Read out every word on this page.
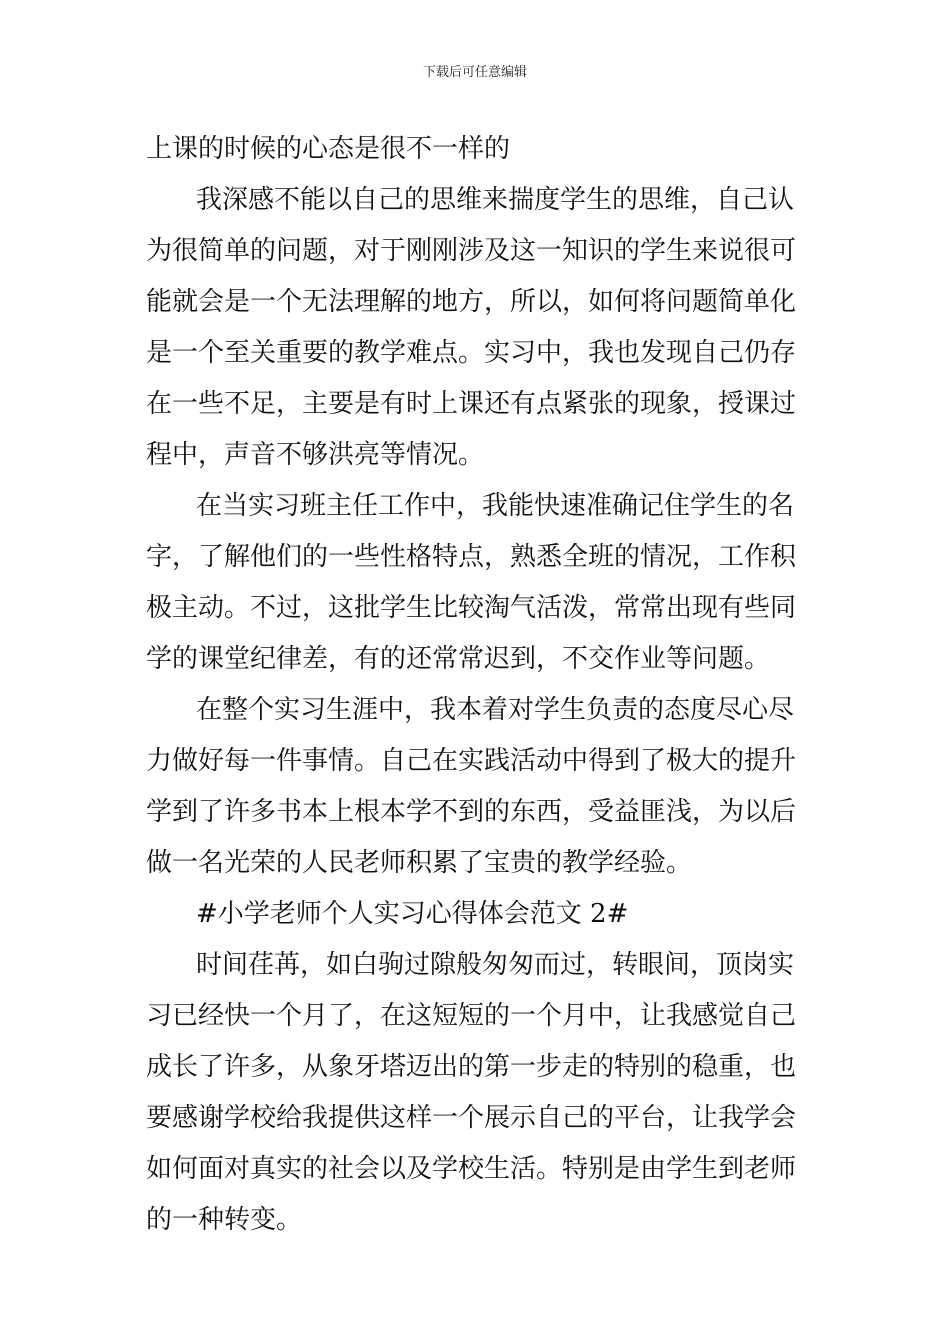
下载后可任意编辑
上课的时候的心态是很不一样的
我深感不能以自己的思维来揣度学生的思维，自己认
为很简单的问题，对于刚刚涉及这一知识的学生来说很可
能就会是一个无法理解的地方，所以，如何将问题简单化
是一个至关重要的教学难点。实习中，我也发现自己仍存
在一些不足，主要是有时上课还有点紧张的现象，授课过
程中，声音不够洪亮等情况。
在当实习班主任工作中，我能快速准确记住学生的名
字，了解他们的一些性格特点，熟悉全班的情况，工作积
极主动。不过，这批学生比较淘气活泼，常常出现有些同
学的课堂纪律差，有的还常常迟到，不交作业等问题。
在整个实习生涯中，我本着对学生负责的态度尽心尽
力做好每一件事情。自己在实践活动中得到了极大的提升
学到了许多书本上根本学不到的东西，受益匪浅，为以后
做一名光荣的人民老师积累了宝贵的教学经验。
#小学老师个人实习心得体会范文 2#
时间荏苒，如白驹过隙般匆匆而过，转眼间，顶岗实
习已经快一个月了，在这短短的一个月中，让我感觉自己
成长了许多，从象牙塔迈出的第一步走的特别的稳重，也
要感谢学校给我提供这样一个展示自己的平台，让我学会
如何面对真实的社会以及学校生活。特别是由学生到老师
的一种转变。
